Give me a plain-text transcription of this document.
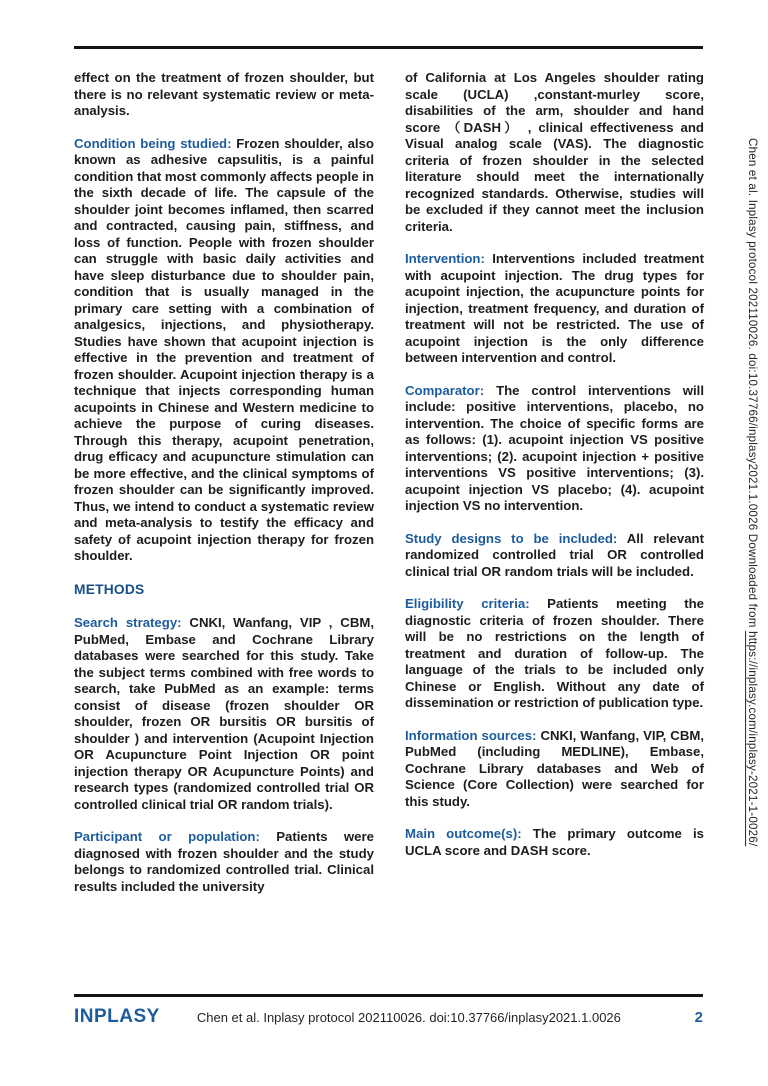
effect on the treatment of frozen shoulder, but there is no relevant systematic review or meta-analysis.

Condition being studied: Frozen shoulder, also known as adhesive capsulitis, is a painful condition that most commonly affects people in the sixth decade of life. The capsule of the shoulder joint becomes inflamed, then scarred and contracted, causing pain, stiffness, and loss of function. People with frozen shoulder can struggle with basic daily activities and have sleep disturbance due to shoulder pain, condition that is usually managed in the primary care setting with a combination of analgesics, injections, and physiotherapy. Studies have shown that acupoint injection is effective in the prevention and treatment of frozen shoulder. Acupoint injection therapy is a technique that injects corresponding human acupoints in Chinese and Western medicine to achieve the purpose of curing diseases. Through this therapy, acupoint penetration, drug efficacy and acupuncture stimulation can be more effective, and the clinical symptoms of frozen shoulder can be significantly improved. Thus, we intend to conduct a systematic review and meta-analysis to testify the efficacy and safety of acupoint injection therapy for frozen shoulder.

METHODS

Search strategy: CNKI, Wanfang, VIP , CBM, PubMed, Embase and Cochrane Library databases were searched for this study. Take the subject terms combined with free words to search, take PubMed as an example: terms consist of disease (frozen shoulder OR shoulder, frozen OR bursitis OR bursitis of shoulder ) and intervention (Acupoint Injection OR Acupuncture Point Injection OR point injection therapy OR Acupuncture Points) and research types (randomized controlled trial OR controlled clinical trial OR random trials).

Participant or population: Patients were diagnosed with frozen shoulder and the study belongs to randomized controlled trial. Clinical results included the university

of California at Los Angeles shoulder rating scale (UCLA) ,constant-murley score, disabilities of the arm, shoulder and hand score （DASH） , clinical effectiveness and Visual analog scale (VAS). The diagnostic criteria of frozen shoulder in the selected literature should meet the internationally recognized standards. Otherwise, studies will be excluded if they cannot meet the inclusion criteria.

Intervention: Interventions included treatment with acupoint injection. The drug types for acupoint injection, the acupuncture points for injection, treatment frequency, and duration of treatment will not be restricted. The use of acupoint injection is the only difference between intervention and control.

Comparator: The control interventions will include: positive interventions, placebo, no intervention. The choice of specific forms are as follows: (1). acupoint injection VS positive interventions; (2). acupoint injection + positive interventions VS positive interventions; (3). acupoint injection VS placebo; (4). acupoint injection VS no intervention.

Study designs to be included: All relevant randomized controlled trial OR controlled clinical trial OR random trials will be included.

Eligibility criteria: Patients meeting the diagnostic criteria of frozen shoulder. There will be no restrictions on the length of treatment and duration of follow-up. The language of the trials to be included only Chinese or English. Without any date of dissemination or restriction of publication type.

Information sources: CNKI, Wanfang, VIP, CBM, PubMed (including MEDLINE), Embase, Cochrane Library databases and Web of Science (Core Collection) were searched for this study.

Main outcome(s): The primary outcome is UCLA score and DASH score.

Chen et al. Inplasy protocol 202110026. doi:10.37766/inplasy2021.1.0026 Downloaded from https://inplasy.com/inplasy-2021-1-0026/
INPLASY	Chen et al. Inplasy protocol 202110026. doi:10.37766/inplasy2021.1.0026	2
